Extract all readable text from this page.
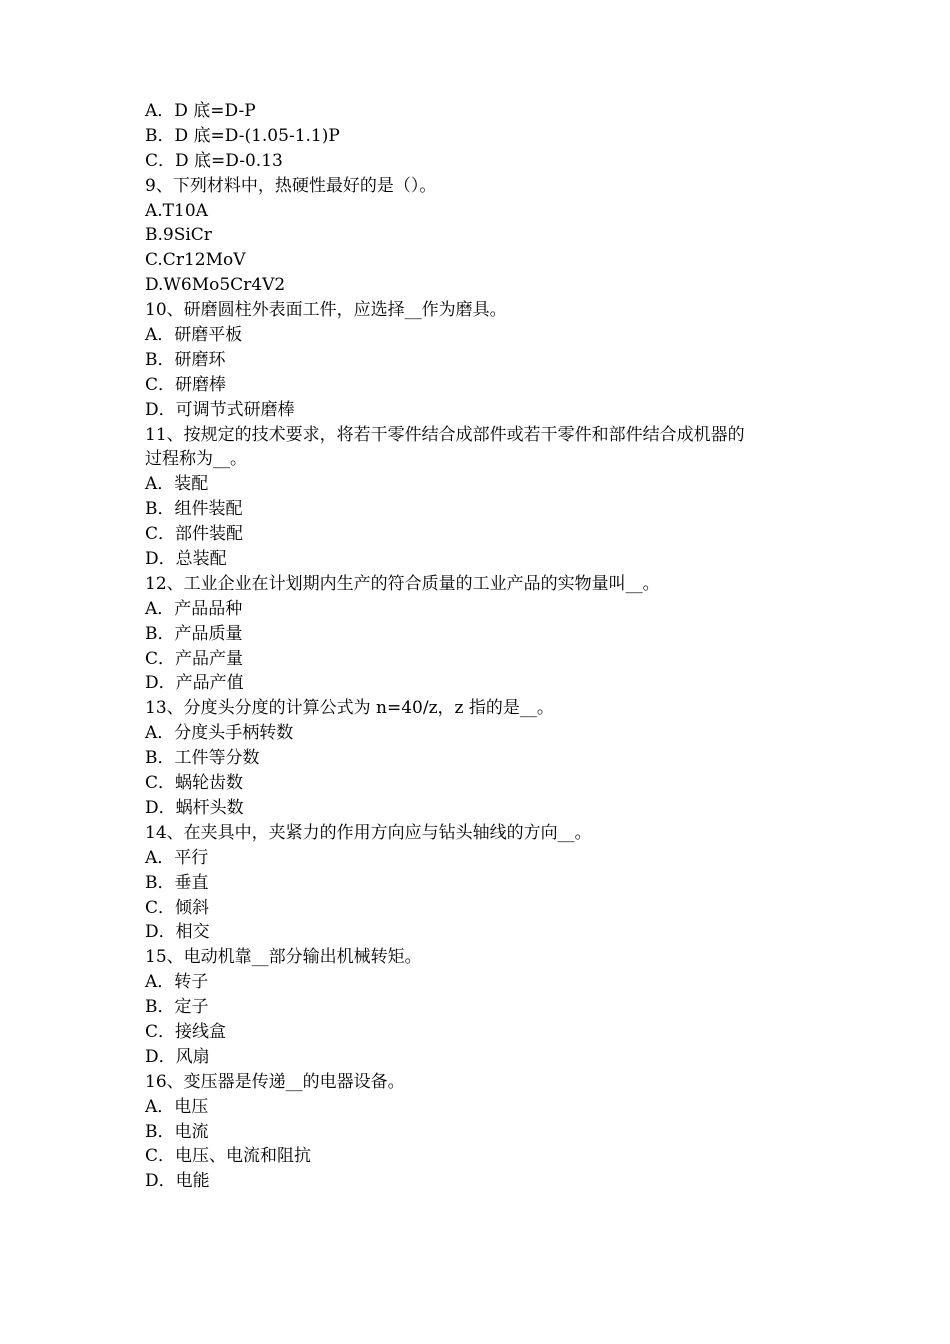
A．D 底=D-P
B．D 底=D-(1.05-1.1)P
C．D 底=D-0.13
9、下列材料中，热硬性最好的是（）。
A.T10A
B.9SiCr
C.Cr12MoV
D.W6Mo5Cr4V2
10、研磨圆柱外表面工件，应选择__作为磨具。
A．研磨平板
B．研磨环
C．研磨棒
D．可调节式研磨棒
11、按规定的技术要求，将若干零件结合成部件或若干零件和部件结合成机器的
过程称为__。
A．装配
B．组件装配
C．部件装配
D．总装配
12、工业企业在计划期内生产的符合质量的工业产品的实物量叫__。
A．产品品种
B．产品质量
C．产品产量
D．产品产值
13、分度头分度的计算公式为 n=40/z，z 指的是__。
A．分度头手柄转数
B．工件等分数
C．蜗轮齿数
D．蜗杆头数
14、在夹具中，夹紧力的作用方向应与钻头轴线的方向__。
A．平行
B．垂直
C．倾斜
D．相交
15、电动机靠__部分输出机械转矩。
A．转子
B．定子
C．接线盒
D．风扇
16、变压器是传递__的电器设备。
A．电压
B．电流
C．电压、电流和阻抗
D．电能
